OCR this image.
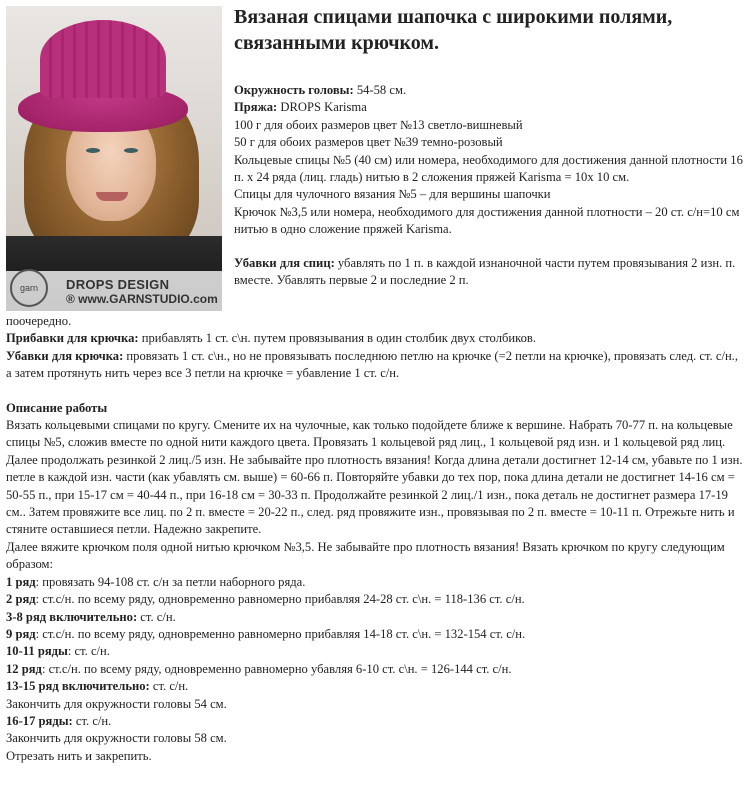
garn	DROPS DESIGN
® www.GARNSTUDIO.com
Вязаная спицами шапочка с широкими полями, связанными крючком.

Окружность головы: 54-58 см.

Пряжа: DROPS Karisma

100 г для обоих размеров цвет №13 светло-вишневый

50 г для обоих размеров цвет №39 темно-розовый

Кольцевые спицы №5 (40 см) или номера, необходимого для достижения данной плотности 16 п. х 24 ряда (лиц. гладь) нитью в 2 сложения пряжей Karisma = 10х 10 см.

Спицы для чулочного вязания №5 – для вершины шапочки

Крючок №3,5 или номера, необходимого для достижения данной плотности – 20 ст. с/н=10 см нитью в одно сложение пряжей Karisma.

Убавки для спиц: убавлять по 1 п. в каждой изнаночной части путем провязывания 2 изн. п. вместе. Убавлять первые 2 и последние 2 п.

поочередно.

Прибавки для крючка: прибавлять 1 ст. с\н. путем провязывания в один столбик двух столбиков.

Убавки для крючка: провязать 1 ст. с\н., но не провязывать последнюю петлю на крючке (=2 петли на крючке), провязать след. ст. с/н., а затем протянуть нить через все 3 петли на крючке = убавление 1 ст. с/н.

Описание работы

Вязать кольцевыми спицами по кругу. Смените их на чулочные, как только подойдете ближе к вершине. Набрать 70-77 п. на кольцевые спицы №5, сложив вместе по одной нити каждого цвета. Провязать 1 кольцевой ряд лиц., 1 кольцевой ряд изн. и 1 кольцевой ряд лиц. Далее продолжать резинкой 2 лиц./5 изн. Не забывайте про плотность вязания! Когда длина детали достигнет 12-14 см, убавьте по 1 изн. петле в каждой изн. части (как убавлять см. выше) = 60-66 п. Повторяйте убавки до тех пор, пока длина детали не достигнет 14-16 см = 50-55 п., при 15-17 см = 40-44 п., при 16-18 см = 30-33 п. Продолжайте резинкой 2 лиц./1 изн., пока деталь не достигнет размера 17-19 см.. Затем провяжите все лиц. по 2 п. вместе = 20-22 п., след. ряд провяжите изн., провязывая по 2 п. вместе = 10-11 п. Отрежьте нить и стяните оставшиеся петли. Надежно закрепите.

Далее вяжите крючком поля одной нитью крючком №3,5. Не забывайте про плотность вязания! Вязать крючком по кругу следующим образом:

1 ряд: провязать 94-108 ст. с/н за петли наборного ряда.

2 ряд: ст.с/н. по всему ряду, одновременно равномерно прибавляя 24-28 ст. с\н. = 118-136 ст. с/н.

3-8 ряд включительно: ст. с/н.

9 ряд: ст.с/н. по всему ряду, одновременно равномерно прибавляя 14-18 ст. с\н. = 132-154 ст. с/н.

10-11 ряды: ст. с/н.

12 ряд: ст.с/н. по всему ряду, одновременно равномерно убавляя 6-10 ст. с\н. = 126-144 ст. с/н.

13-15 ряд включительно: ст. с/н.

Закончить для окружности головы 54 см.

16-17 ряды: ст. с/н.

Закончить для окружности головы 58 см.

Отрезать нить и закрепить.
